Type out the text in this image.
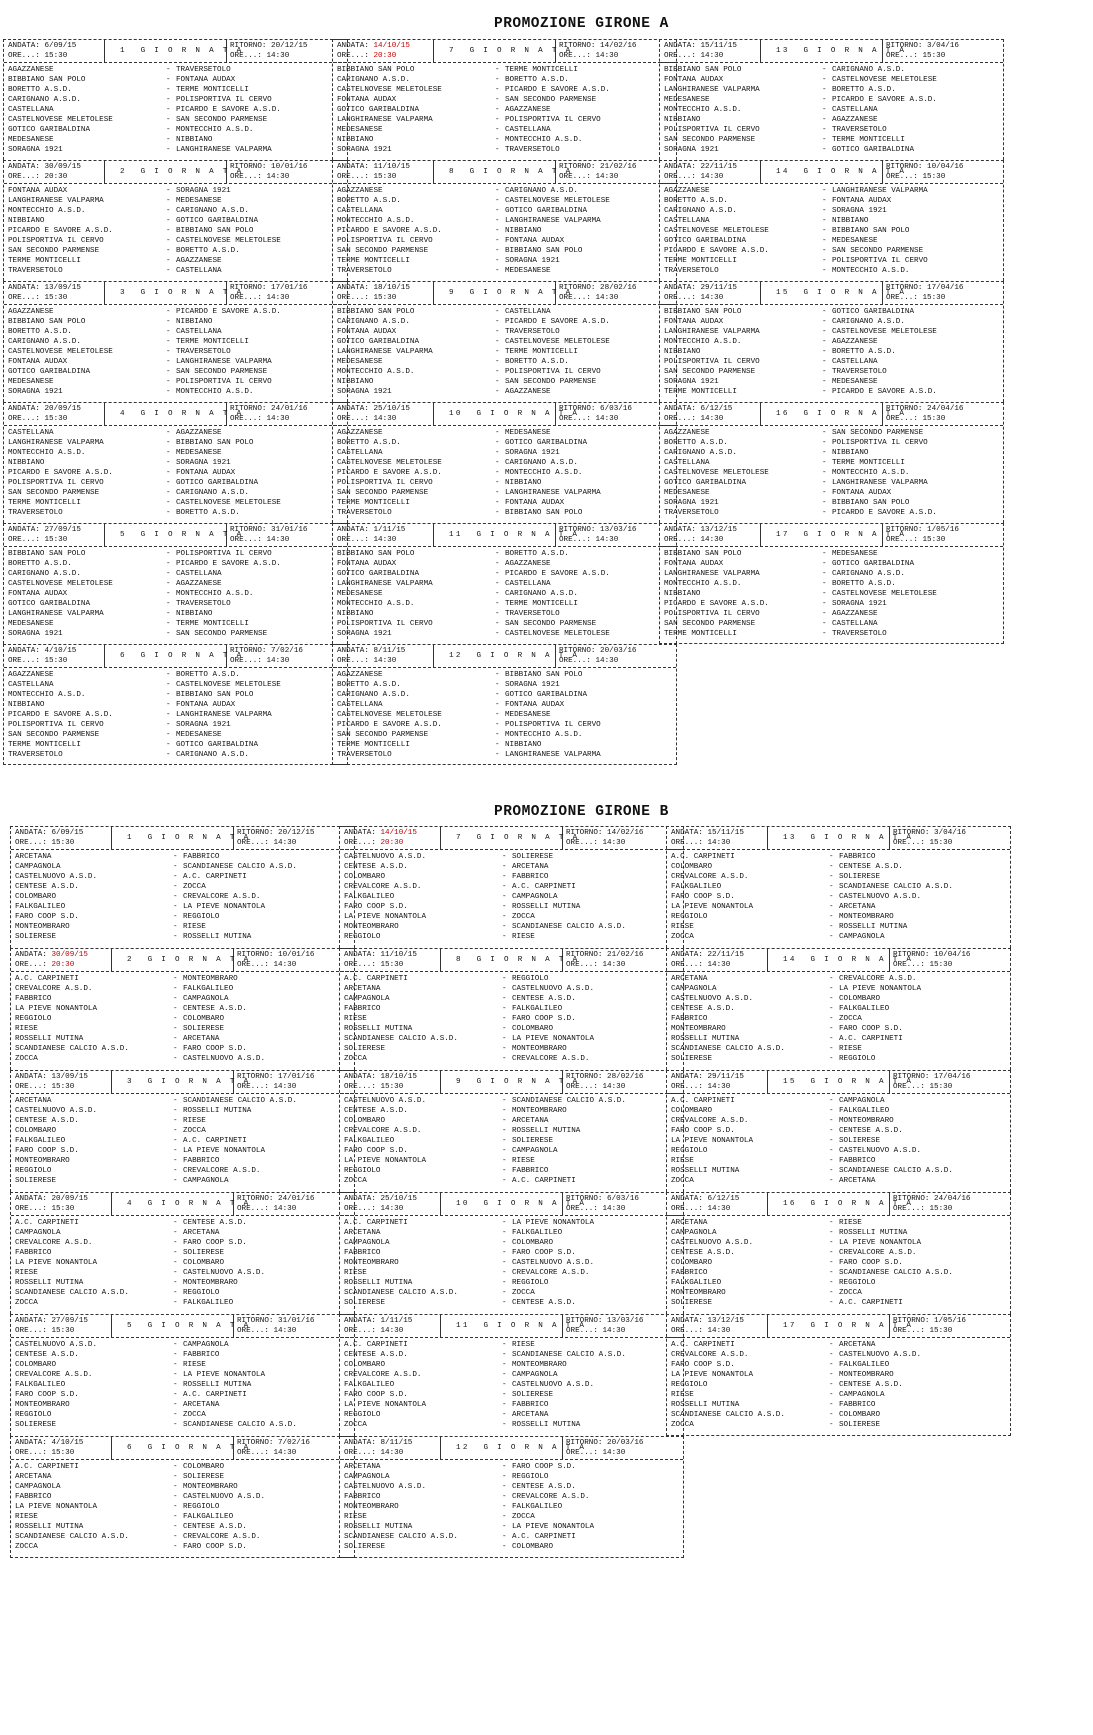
PROMOZIONE GIRONE A
ANDATA: 6/09/15
ORE...: 15:30
1 G I O R N A T A
RITORNO: 20/12/15
ORE...: 14:30
AGAZZANESE	- TRAVERSETOLO
BIBBIANO SAN POLO	- FONTANA AUDAX
BORETTO A.S.D.	- TERME MONTICELLI
CARIGNANO A.S.D.	- POLISPORTIVA IL CERVO
CASTELLANA	- PICARDO E SAVORE A.S.D.
CASTELNOVESE MELETOLESE	- SAN SECONDO PARMENSE
GOTICO GARIBALDINA	- MONTECCHIO A.S.D.
MEDESANESE	- NIBBIANO
SORAGNA 1921	- LANGHIRANESE VALPARMA
ANDATA: 30/09/15
ORE...: 20:30
2 G I O R N A T A
RITORNO: 10/01/16
ORE...: 14:30
FONTANA AUDAX	- SORAGNA 1921
LANGHIRANESE VALPARMA	- MEDESANESE
MONTECCHIO A.S.D.	- CARIGNANO A.S.D.
NIBBIANO	- GOTICO GARIBALDINA
PICARDO E SAVORE A.S.D.	- BIBBIANO SAN POLO
POLISPORTIVA IL CERVO	- CASTELNOVESE MELETOLESE
SAN SECONDO PARMENSE	- BORETTO A.S.D.
TERME MONTICELLI	- AGAZZANESE
TRAVERSETOLO	- CASTELLANA
ANDATA: 13/09/15
ORE...: 15:30
3 G I O R N A T A
RITORNO: 17/01/16
ORE...: 14:30
AGAZZANESE	- PICARDO E SAVORE A.S.D.
BIBBIANO SAN POLO	- NIBBIANO
BORETTO A.S.D.	- CASTELLANA
CARIGNANO A.S.D.	- TERME MONTICELLI
CASTELNOVESE MELETOLESE	- TRAVERSETOLO
FONTANA AUDAX	- LANGHIRANESE VALPARMA
GOTICO GARIBALDINA	- SAN SECONDO PARMENSE
MEDESANESE	- POLISPORTIVA IL CERVO
SORAGNA 1921	- MONTECCHIO A.S.D.
ANDATA: 20/09/15
ORE...: 15:30
4 G I O R N A T A
RITORNO: 24/01/16
ORE...: 14:30
CASTELLANA	- AGAZZANESE
LANGHIRANESE VALPARMA	- BIBBIANO SAN POLO
MONTECCHIO A.S.D.	- MEDESANESE
NIBBIANO	- SORAGNA 1921
PICARDO E SAVORE A.S.D.	- FONTANA AUDAX
POLISPORTIVA IL CERVO	- GOTICO GARIBALDINA
SAN SECONDO PARMENSE	- CARIGNANO A.S.D.
TERME MONTICELLI	- CASTELNOVESE MELETOLESE
TRAVERSETOLO	- BORETTO A.S.D.
ANDATA: 27/09/15
ORE...: 15:30
5 G I O R N A T A
RITORNO: 31/01/16
ORE...: 14:30
BIBBIANO SAN POLO	- POLISPORTIVA IL CERVO
BORETTO A.S.D.	- PICARDO E SAVORE A.S.D.
CARIGNANO A.S.D.	- CASTELLANA
CASTELNOVESE MELETOLESE	- AGAZZANESE
FONTANA AUDAX	- MONTECCHIO A.S.D.
GOTICO GARIBALDINA	- TRAVERSETOLO
LANGHIRANESE VALPARMA	- NIBBIANO
MEDESANESE	- TERME MONTICELLI
SORAGNA 1921	- SAN SECONDO PARMENSE
ANDATA: 4/10/15
ORE...: 15:30
6 G I O R N A T A
RITORNO: 7/02/16
ORE...: 14:30
AGAZZANESE	- BORETTO A.S.D.
CASTELLANA	- CASTELNOVESE MELETOLESE
MONTECCHIO A.S.D.	- BIBBIANO SAN POLO
NIBBIANO	- FONTANA AUDAX
PICARDO E SAVORE A.S.D.	- LANGHIRANESE VALPARMA
POLISPORTIVA IL CERVO	- SORAGNA 1921
SAN SECONDO PARMENSE	- MEDESANESE
TERME MONTICELLI	- GOTICO GARIBALDINA
TRAVERSETOLO	- CARIGNANO A.S.D.
ANDATA: 14/10/15
ORE...: 20:30
7 G I O R N A T A
RITORNO: 14/02/16
ORE...: 14:30
BIBBIANO SAN POLO	- TERME MONTICELLI
CARIGNANO A.S.D.	- BORETTO A.S.D.
CASTELNOVESE MELETOLESE	- PICARDO E SAVORE A.S.D.
FONTANA AUDAX	- SAN SECONDO PARMENSE
GOTICO GARIBALDINA	- AGAZZANESE
LANGHIRANESE VALPARMA	- POLISPORTIVA IL CERVO
MEDESANESE	- CASTELLANA
NIBBIANO	- MONTECCHIO A.S.D.
SORAGNA 1921	- TRAVERSETOLO
ANDATA: 11/10/15
ORE...: 15:30
8 G I O R N A T A
RITORNO: 21/02/16
ORE...: 14:30
AGAZZANESE	- CARIGNANO A.S.D.
BORETTO A.S.D.	- CASTELNOVESE MELETOLESE
CASTELLANA	- GOTICO GARIBALDINA
MONTECCHIO A.S.D.	- LANGHIRANESE VALPARMA
PICARDO E SAVORE A.S.D.	- NIBBIANO
POLISPORTIVA IL CERVO	- FONTANA AUDAX
SAN SECONDO PARMENSE	- BIBBIANO SAN POLO
TERME MONTICELLI	- SORAGNA 1921
TRAVERSETOLO	- MEDESANESE
ANDATA: 18/10/15
ORE...: 15:30
9 G I O R N A T A
RITORNO: 28/02/16
ORE...: 14:30
BIBBIANO SAN POLO	- CASTELLANA
CARIGNANO A.S.D.	- PICARDO E SAVORE A.S.D.
FONTANA AUDAX	- TRAVERSETOLO
GOTICO GARIBALDINA	- CASTELNOVESE MELETOLESE
LANGHIRANESE VALPARMA	- TERME MONTICELLI
MEDESANESE	- BORETTO A.S.D.
MONTECCHIO A.S.D.	- POLISPORTIVA IL CERVO
NIBBIANO	- SAN SECONDO PARMENSE
SORAGNA 1921	- AGAZZANESE
ANDATA: 25/10/15
ORE...: 14:30
10 G I O R N A T A
RITORNO: 6/03/16
ORE...: 14:30
AGAZZANESE	- MEDESANESE
BORETTO A.S.D.	- GOTICO GARIBALDINA
CASTELLANA	- SORAGNA 1921
CASTELNOVESE MELETOLESE	- CARIGNANO A.S.D.
PICARDO E SAVORE A.S.D.	- MONTECCHIO A.S.D.
POLISPORTIVA IL CERVO	- NIBBIANO
SAN SECONDO PARMENSE	- LANGHIRANESE VALPARMA
TERME MONTICELLI	- FONTANA AUDAX
TRAVERSETOLO	- BIBBIANO SAN POLO
ANDATA: 1/11/15
ORE...: 14:30
11 G I O R N A T A
RITORNO: 13/03/16
ORE...: 14:30
BIBBIANO SAN POLO	- BORETTO A.S.D.
FONTANA AUDAX	- AGAZZANESE
GOTICO GARIBALDINA	- PICARDO E SAVORE A.S.D.
LANGHIRANESE VALPARMA	- CASTELLANA
MEDESANESE	- CARIGNANO A.S.D.
MONTECCHIO A.S.D.	- TERME MONTICELLI
NIBBIANO	- TRAVERSETOLO
POLISPORTIVA IL CERVO	- SAN SECONDO PARMENSE
SORAGNA 1921	- CASTELNOVESE MELETOLESE
ANDATA: 8/11/15
ORE...: 14:30
12 G I O R N A T A
RITORNO: 20/03/16
ORE...: 14:30
AGAZZANESE	- BIBBIANO SAN POLO
BORETTO A.S.D.	- SORAGNA 1921
CARIGNANO A.S.D.	- GOTICO GARIBALDINA
CASTELLANA	- FONTANA AUDAX
CASTELNOVESE MELETOLESE	- MEDESANESE
PICARDO E SAVORE A.S.D.	- POLISPORTIVA IL CERVO
SAN SECONDO PARMENSE	- MONTECCHIO A.S.D.
TERME MONTICELLI	- NIBBIANO
TRAVERSETOLO	- LANGHIRANESE VALPARMA
ANDATA: 15/11/15
ORE...: 14:30
13 G I O R N A T A
RITORNO: 3/04/16
ORE...: 15:30
BIBBIANO SAN POLO	- CARIGNANO A.S.D.
FONTANA AUDAX	- CASTELNOVESE MELETOLESE
LANGHIRANESE VALPARMA	- BORETTO A.S.D.
MEDESANESE	- PICARDO E SAVORE A.S.D.
MONTECCHIO A.S.D.	- CASTELLANA
NIBBIANO	- AGAZZANESE
POLISPORTIVA IL CERVO	- TRAVERSETOLO
SAN SECONDO PARMENSE	- TERME MONTICELLI
SORAGNA 1921	- GOTICO GARIBALDINA
ANDATA: 22/11/15
ORE...: 14:30
14 G I O R N A T A
RITORNO: 10/04/16
ORE...: 15:30
AGAZZANESE	- LANGHIRANESE VALPARMA
BORETTO A.S.D.	- FONTANA AUDAX
CARIGNANO A.S.D.	- SORAGNA 1921
CASTELLANA	- NIBBIANO
CASTELNOVESE MELETOLESE	- BIBBIANO SAN POLO
GOTICO GARIBALDINA	- MEDESANESE
PICARDO E SAVORE A.S.D.	- SAN SECONDO PARMENSE
TERME MONTICELLI	- POLISPORTIVA IL CERVO
TRAVERSETOLO	- MONTECCHIO A.S.D.
ANDATA: 29/11/15
ORE...: 14:30
15 G I O R N A T A
RITORNO: 17/04/16
ORE...: 15:30
BIBBIANO SAN POLO	- GOTICO GARIBALDINA
FONTANA AUDAX	- CARIGNANO A.S.D.
LANGHIRANESE VALPARMA	- CASTELNOVESE MELETOLESE
MONTECCHIO A.S.D.	- AGAZZANESE
NIBBIANO	- BORETTO A.S.D.
POLISPORTIVA IL CERVO	- CASTELLANA
SAN SECONDO PARMENSE	- TRAVERSETOLO
SORAGNA 1921	- MEDESANESE
TERME MONTICELLI	- PICARDO E SAVORE A.S.D.
ANDATA: 6/12/15
ORE...: 14:30
16 G I O R N A T A
RITORNO: 24/04/16
ORE...: 15:30
AGAZZANESE	- SAN SECONDO PARMENSE
BORETTO A.S.D.	- POLISPORTIVA IL CERVO
CARIGNANO A.S.D.	- NIBBIANO
CASTELLANA	- TERME MONTICELLI
CASTELNOVESE MELETOLESE	- MONTECCHIO A.S.D.
GOTICO GARIBALDINA	- LANGHIRANESE VALPARMA
MEDESANESE	- FONTANA AUDAX
SORAGNA 1921	- BIBBIANO SAN POLO
TRAVERSETOLO	- PICARDO E SAVORE A.S.D.
ANDATA: 13/12/15
ORE...: 14:30
17 G I O R N A T A
RITORNO: 1/05/16
ORE...: 15:30
BIBBIANO SAN POLO	- MEDESANESE
FONTANA AUDAX	- GOTICO GARIBALDINA
LANGHIRANESE VALPARMA	- CARIGNANO A.S.D.
MONTECCHIO A.S.D.	- BORETTO A.S.D.
NIBBIANO	- CASTELNOVESE MELETOLESE
PICARDO E SAVORE A.S.D.	- SORAGNA 1921
POLISPORTIVA IL CERVO	- AGAZZANESE
SAN SECONDO PARMENSE	- CASTELLANA
TERME MONTICELLI	- TRAVERSETOLO
PROMOZIONE GIRONE B
ANDATA: 6/09/15
ORE...: 15:30
1 G I O R N A T A
RITORNO: 20/12/15
ORE...: 14:30
ARCETANA	- FABBRICO
CAMPAGNOLA	- SCANDIANESE CALCIO A.S.D.
CASTELNUOVO A.S.D.	- A.C. CARPINETI
CENTESE A.S.D.	- ZOCCA
COLOMBARO	- CREVALCORE A.S.D.
FALKGALILEO	- LA PIEVE NONANTOLA
FARO COOP S.D.	- REGGIOLO
MONTEOMBRARO	- RIESE
SOLIERESE	- ROSSELLI MUTINA
ANDATA: 30/09/15
ORE...: 20:30
2 G I O R N A T A
RITORNO: 10/01/16
ORE...: 14:30
A.C. CARPINETI	- MONTEOMBRARO
CREVALCORE A.S.D.	- FALKGALILEO
FABBRICO	- CAMPAGNOLA
LA PIEVE NONANTOLA	- CENTESE A.S.D.
REGGIOLO	- COLOMBARO
RIESE	- SOLIERESE
ROSSELLI MUTINA	- ARCETANA
SCANDIANESE CALCIO A.S.D.	- FARO COOP S.D.
ZOCCA	- CASTELNUOVO A.S.D.
ANDATA: 13/09/15
ORE...: 15:30
3 G I O R N A T A
RITORNO: 17/01/16
ORE...: 14:30
ARCETANA	- SCANDIANESE CALCIO A.S.D.
CASTELNUOVO A.S.D.	- ROSSELLI MUTINA
CENTESE A.S.D.	- RIESE
COLOMBARO	- ZOCCA
FALKGALILEO	- A.C. CARPINETI
FARO COOP S.D.	- LA PIEVE NONANTOLA
MONTEOMBRARO	- FABBRICO
REGGIOLO	- CREVALCORE A.S.D.
SOLIERESE	- CAMPAGNOLA
ANDATA: 20/09/15
ORE...: 15:30
4 G I O R N A T A
RITORNO: 24/01/16
ORE...: 14:30
A.C. CARPINETI	- CENTESE A.S.D.
CAMPAGNOLA	- ARCETANA
CREVALCORE A.S.D.	- FARO COOP S.D.
FABBRICO	- SOLIERESE
LA PIEVE NONANTOLA	- COLOMBARO
RIESE	- CASTELNUOVO A.S.D.
ROSSELLI MUTINA	- MONTEOMBRARO
SCANDIANESE CALCIO A.S.D.	- REGGIOLO
ZOCCA	- FALKGALILEO
ANDATA: 27/09/15
ORE...: 15:30
5 G I O R N A T A
RITORNO: 31/01/16
ORE...: 14:30
CASTELNUOVO A.S.D.	- CAMPAGNOLA
CENTESE A.S.D.	- FABBRICO
COLOMBARO	- RIESE
CREVALCORE A.S.D.	- LA PIEVE NONANTOLA
FALKGALILEO	- ROSSELLI MUTINA
FARO COOP S.D.	- A.C. CARPINETI
MONTEOMBRARO	- ARCETANA
REGGIOLO	- ZOCCA
SOLIERESE	- SCANDIANESE CALCIO A.S.D.
ANDATA: 4/10/15
ORE...: 15:30
6 G I O R N A T A
RITORNO: 7/02/16
ORE...: 14:30
A.C. CARPINETI	- COLOMBARO
ARCETANA	- SOLIERESE
CAMPAGNOLA	- MONTEOMBRARO
FABBRICO	- CASTELNUOVO A.S.D.
LA PIEVE NONANTOLA	- REGGIOLO
RIESE	- FALKGALILEO
ROSSELLI MUTINA	- CENTESE A.S.D.
SCANDIANESE CALCIO A.S.D.	- CREVALCORE A.S.D.
ZOCCA	- FARO COOP S.D.
ANDATA: 14/10/15
ORE...: 20:30
7 G I O R N A T A
RITORNO: 14/02/16
ORE...: 14:30
CASTELNUOVO A.S.D.	- SOLIERESE
CENTESE A.S.D.	- ARCETANA
COLOMBARO	- FABBRICO
CREVALCORE A.S.D.	- A.C. CARPINETI
FALKGALILEO	- CAMPAGNOLA
FARO COOP S.D.	- ROSSELLI MUTINA
LA PIEVE NONANTOLA	- ZOCCA
MONTEOMBRARO	- SCANDIANESE CALCIO A.S.D.
REGGIOLO	- RIESE
ANDATA: 11/10/15
ORE...: 15:30
8 G I O R N A T A
RITORNO: 21/02/16
ORE...: 14:30
A.C. CARPINETI	- REGGIOLO
ARCETANA	- CASTELNUOVO A.S.D.
CAMPAGNOLA	- CENTESE A.S.D.
FABBRICO	- FALKGALILEO
RIESE	- FARO COOP S.D.
ROSSELLI MUTINA	- COLOMBARO
SCANDIANESE CALCIO A.S.D.	- LA PIEVE NONANTOLA
SOLIERESE	- MONTEOMBRARO
ZOCCA	- CREVALCORE A.S.D.
ANDATA: 18/10/15
ORE...: 15:30
9 G I O R N A T A
RITORNO: 28/02/16
ORE...: 14:30
CASTELNUOVO A.S.D.	- SCANDIANESE CALCIO A.S.D.
CENTESE A.S.D.	- MONTEOMBRARO
COLOMBARO	- ARCETANA
CREVALCORE A.S.D.	- ROSSELLI MUTINA
FALKGALILEO	- SOLIERESE
FARO COOP S.D.	- CAMPAGNOLA
LA PIEVE NONANTOLA	- RIESE
REGGIOLO	- FABBRICO
ZOCCA	- A.C. CARPINETI
ANDATA: 25/10/15
ORE...: 14:30
10 G I O R N A T A
RITORNO: 6/03/16
ORE...: 14:30
A.C. CARPINETI	- LA PIEVE NONANTOLA
ARCETANA	- FALKGALILEO
CAMPAGNOLA	- COLOMBARO
FABBRICO	- FARO COOP S.D.
MONTEOMBRARO	- CASTELNUOVO A.S.D.
RIESE	- CREVALCORE A.S.D.
ROSSELLI MUTINA	- REGGIOLO
SCANDIANESE CALCIO A.S.D.	- ZOCCA
SOLIERESE	- CENTESE A.S.D.
ANDATA: 1/11/15
ORE...: 14:30
11 G I O R N A T A
RITORNO: 13/03/16
ORE...: 14:30
A.C. CARPINETI	- RIESE
CENTESE A.S.D.	- SCANDIANESE CALCIO A.S.D.
COLOMBARO	- MONTEOMBRARO
CREVALCORE A.S.D.	- CAMPAGNOLA
FALKGALILEO	- CASTELNUOVO A.S.D.
FARO COOP S.D.	- SOLIERESE
LA PIEVE NONANTOLA	- FABBRICO
REGGIOLO	- ARCETANA
ZOCCA	- ROSSELLI MUTINA
ANDATA: 8/11/15
ORE...: 14:30
12 G I O R N A T A
RITORNO: 20/03/16
ORE...: 14:30
ARCETANA	- FARO COOP S.D.
CAMPAGNOLA	- REGGIOLO
CASTELNUOVO A.S.D.	- CENTESE A.S.D.
FABBRICO	- CREVALCORE A.S.D.
MONTEOMBRARO	- FALKGALILEO
RIESE	- ZOCCA
ROSSELLI MUTINA	- LA PIEVE NONANTOLA
SCANDIANESE CALCIO A.S.D.	- A.C. CARPINETI
SOLIERESE	- COLOMBARO
ANDATA: 15/11/15
ORE...: 14:30
13 G I O R N A T A
RITORNO: 3/04/16
ORE...: 15:30
A.C. CARPINETI	- FABBRICO
COLOMBARO	- CENTESE A.S.D.
CREVALCORE A.S.D.	- SOLIERESE
FALKGALILEO	- SCANDIANESE CALCIO A.S.D.
FARO COOP S.D.	- CASTELNUOVO A.S.D.
LA PIEVE NONANTOLA	- ARCETANA
REGGIOLO	- MONTEOMBRARO
RIESE	- ROSSELLI MUTINA
ZOCCA	- CAMPAGNOLA
ANDATA: 22/11/15
ORE...: 14:30
14 G I O R N A T A
RITORNO: 10/04/16
ORE...: 15:30
ARCETANA	- CREVALCORE A.S.D.
CAMPAGNOLA	- LA PIEVE NONANTOLA
CASTELNUOVO A.S.D.	- COLOMBARO
CENTESE A.S.D.	- FALKGALILEO
FABBRICO	- ZOCCA
MONTEOMBRARO	- FARO COOP S.D.
ROSSELLI MUTINA	- A.C. CARPINETI
SCANDIANESE CALCIO A.S.D.	- RIESE
SOLIERESE	- REGGIOLO
ANDATA: 29/11/15
ORE...: 14:30
15 G I O R N A T A
RITORNO: 17/04/16
ORE...: 15:30
A.C. CARPINETI	- CAMPAGNOLA
COLOMBARO	- FALKGALILEO
CREVALCORE A.S.D.	- MONTEOMBRARO
FARO COOP S.D.	- CENTESE A.S.D.
LA PIEVE NONANTOLA	- SOLIERESE
REGGIOLO	- CASTELNUOVO A.S.D.
RIESE	- FABBRICO
ROSSELLI MUTINA	- SCANDIANESE CALCIO A.S.D.
ZOCCA	- ARCETANA
ANDATA: 6/12/15
ORE...: 14:30
16 G I O R N A T A
RITORNO: 24/04/16
ORE...: 15:30
ARCETANA	- RIESE
CAMPAGNOLA	- ROSSELLI MUTINA
CASTELNUOVO A.S.D.	- LA PIEVE NONANTOLA
CENTESE A.S.D.	- CREVALCORE A.S.D.
COLOMBARO	- FARO COOP S.D.
FABBRICO	- SCANDIANESE CALCIO A.S.D.
FALKGALILEO	- REGGIOLO
MONTEOMBRARO	- ZOCCA
SOLIERESE	- A.C. CARPINETI
ANDATA: 13/12/15
ORE...: 14:30
17 G I O R N A T A
RITORNO: 1/05/16
ORE...: 15:30
A.C. CARPINETI	- ARCETANA
CREVALCORE A.S.D.	- CASTELNUOVO A.S.D.
FARO COOP S.D.	- FALKGALILEO
LA PIEVE NONANTOLA	- MONTEOMBRARO
REGGIOLO	- CENTESE A.S.D.
RIESE	- CAMPAGNOLA
ROSSELLI MUTINA	- FABBRICO
SCANDIANESE CALCIO A.S.D.	- COLOMBARO
ZOCCA	- SOLIERESE
